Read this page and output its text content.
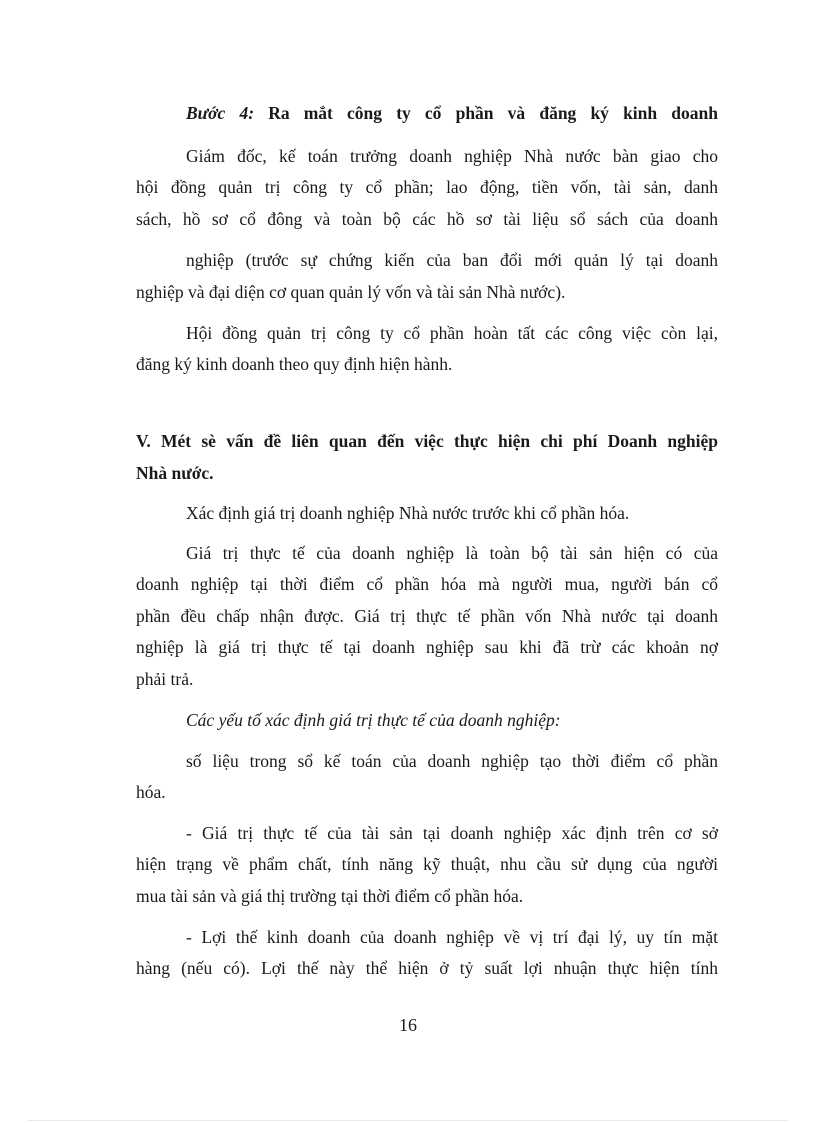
Bước 4: Ra mắt công ty cổ phần và đăng ký kinh doanh
Giám đốc, kế toán trưởng doanh nghiệp Nhà nước bàn giao cho
hội đồng quản trị công ty cổ phần; lao động, tiền vốn, tài sản, danh
sách, hồ sơ cổ đông và toàn bộ các hồ sơ tài liệu sổ sách của doanh
nghiệp (trước sự chứng kiến của ban đổi mới quản lý tại doanh
nghiệp và đại diện cơ quan quản lý vốn và tài sản Nhà nước).
Hội đồng quản trị công ty cổ phần hoàn tất các công việc còn lại,
đăng ký kinh doanh theo quy định hiện hành.
V. Mét sè vấn đề liên quan đến việc thực hiện chi phí Doanh nghiệp
Nhà nước.
Xác định giá trị doanh nghiệp Nhà nước trước khi cổ phần hóa.
Giá trị thực tế của doanh nghiệp là toàn bộ tài sản hiện có của
doanh nghiệp tại thời điểm cổ phần hóa mà người mua, người bán cổ
phần đều chấp nhận được. Giá trị thực tế phần vốn Nhà nước tại doanh
nghiệp là giá trị thực tế tại doanh nghiệp sau khi đã trừ các khoản nợ
phải trả.
Các yếu tố xác định giá trị thực tế của doanh nghiệp:
số liệu trong sổ kế toán của doanh nghiệp tạo thời điểm cổ phần
hóa.
- Giá trị thực tế của tài sản tại doanh nghiệp xác định trên cơ sở
hiện trạng về phẩm chất, tính năng kỹ thuật, nhu cầu sử dụng của người
mua tài sản và giá thị trường tại thời điểm cổ phần hóa.
- Lợi thế kinh doanh của doanh nghiệp về vị trí đại lý, uy tín mặt
hàng (nếu có). Lợi thế này thể hiện ở tỷ suất lợi nhuận thực hiện tính
16
